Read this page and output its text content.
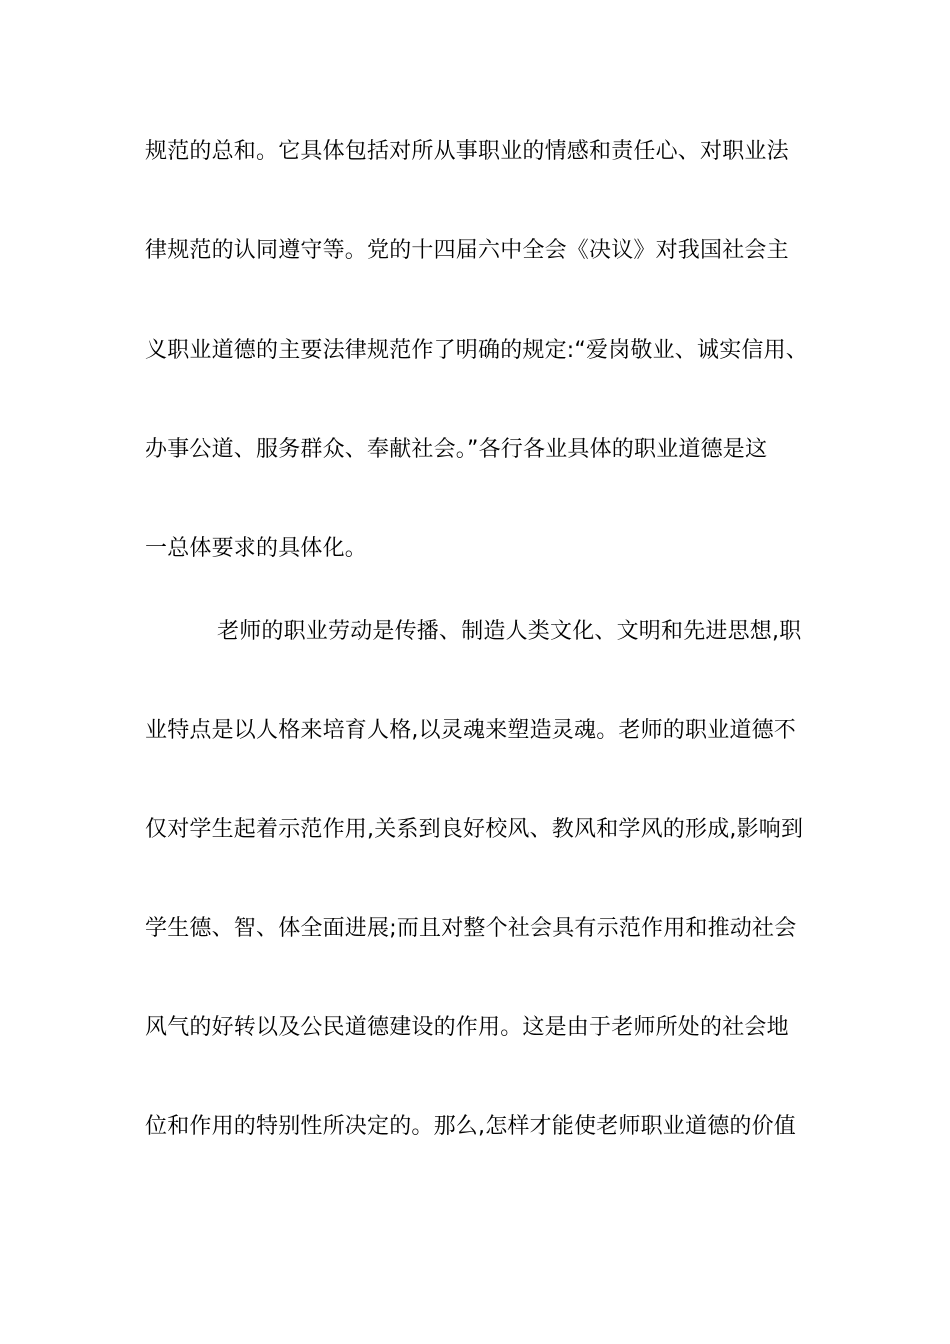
规范的总和。它具体包括对所从事职业的情感和责任心、对职业法
律规范的认同遵守等。党的十四届六中全会《决议》对我国社会主
义职业道德的主要法律规范作了明确的规定:“爱岗敬业、诚实信用、
办事公道、服务群众、奉献社会。”各行各业具体的职业道德是这
一总体要求的具体化。
老师的职业劳动是传播、制造人类文化、文明和先进思想,职
业特点是以人格来培育人格,以灵魂来塑造灵魂。老师的职业道德不
仅对学生起着示范作用,关系到良好校风、教风和学风的形成,影响到
学生德、智、体全面进展;而且对整个社会具有示范作用和推动社会
风气的好转以及公民道德建设的作用。这是由于老师所处的社会地
位和作用的特别性所决定的。那么,怎样才能使老师职业道德的价值
